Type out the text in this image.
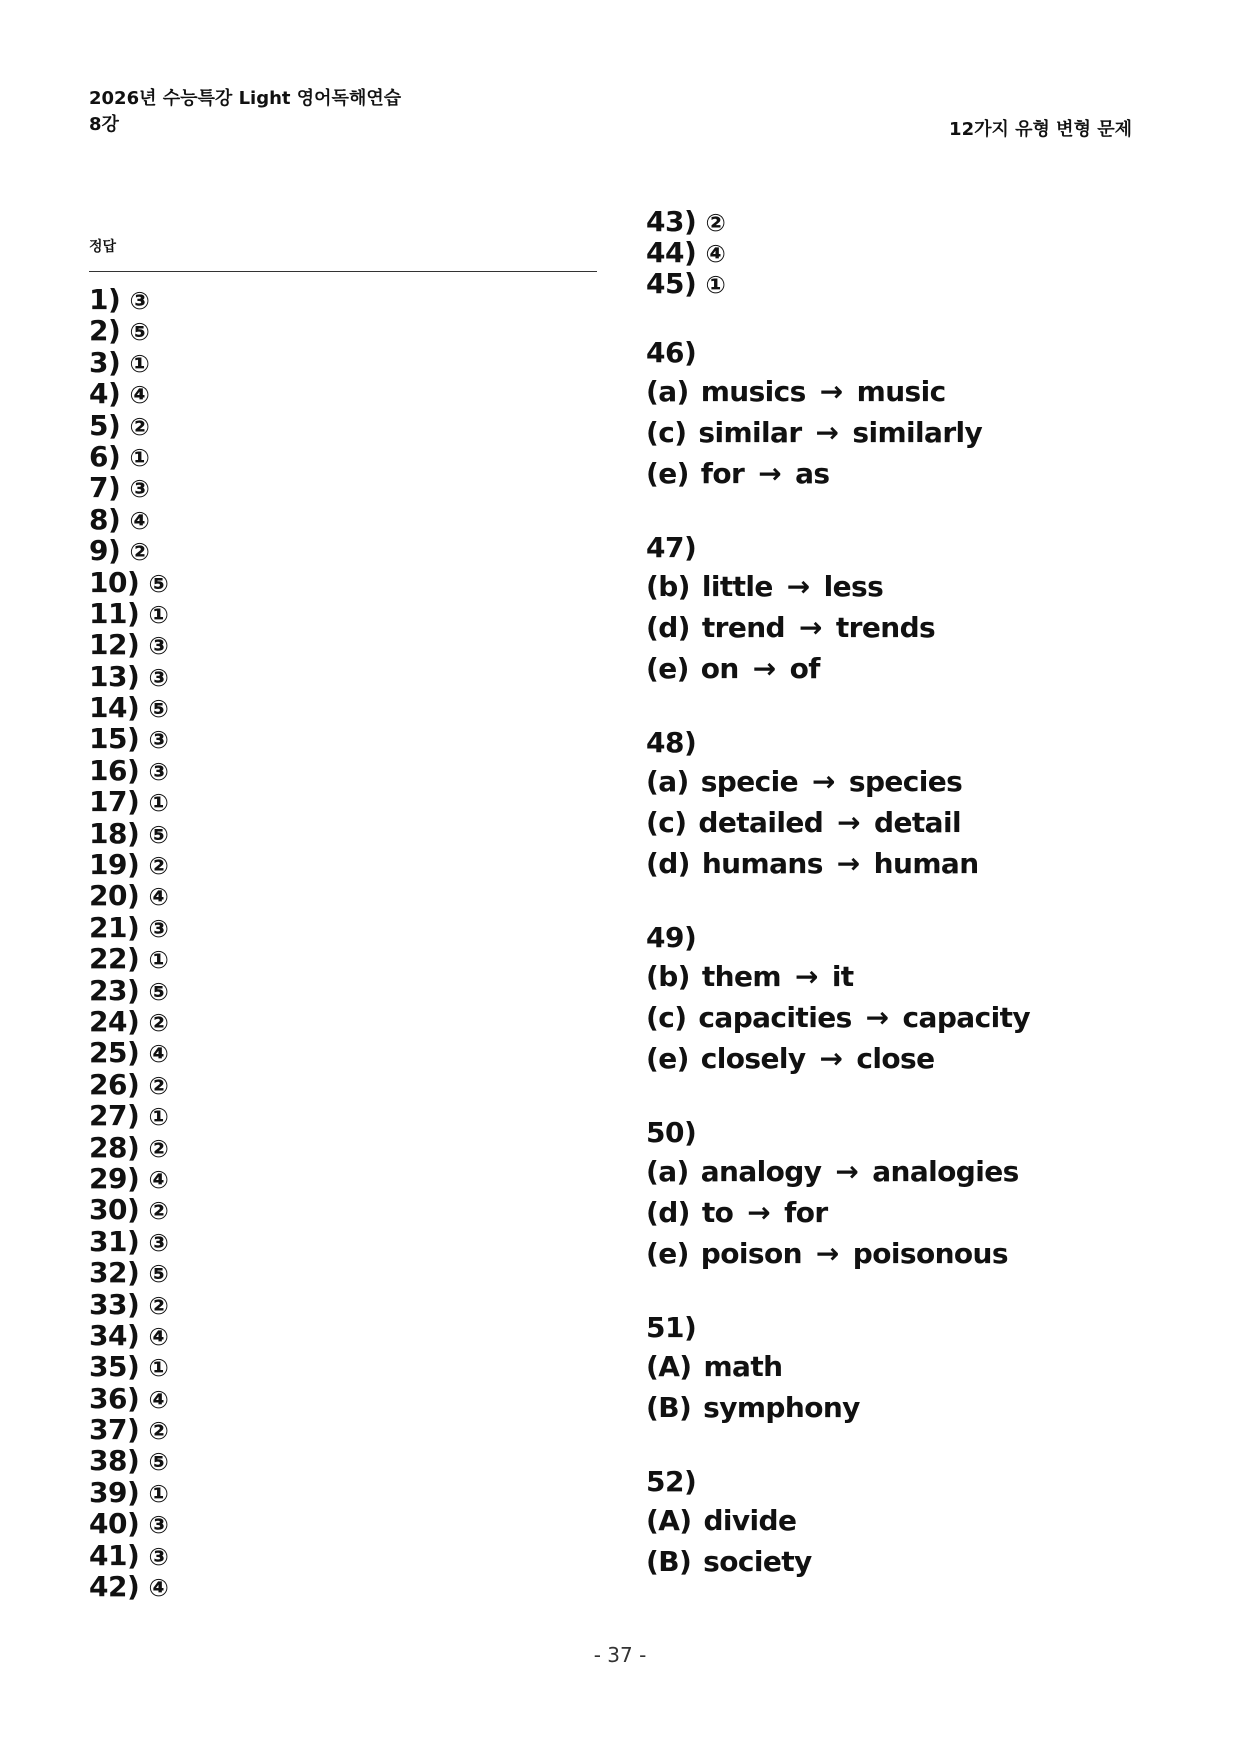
2026년 수능특강 Light 영어독해연습
8강	12가지 유형 변형 문제
정답
1) ③
2) ⑤
3) ①
4) ④
5) ②
6) ①
7) ③
8) ④
9) ②
10) ⑤
11) ①
12) ③
13) ③
14) ⑤
15) ③
16) ③
17) ①
18) ⑤
19) ②
20) ④
21) ③
22) ①
23) ⑤
24) ②
25) ④
26) ②
27) ①
28) ②
29) ④
30) ②
31) ③
32) ⑤
33) ②
34) ④
35) ①
36) ④
37) ②
38) ⑤
39) ①
40) ③
41) ③
42) ④
43) ②
44) ④
45) ①
46)
(a) musics → music
(c) similar → similarly
(e) for → as
47)
(b) little → less
(d) trend → trends
(e) on → of
48)
(a) specie → species
(c) detailed → detail
(d) humans → human
49)
(b) them → it
(c) capacities → capacity
(e) closely → close
50)
(a) analogy → analogies
(d) to → for
(e) poison → poisonous
51)
(A) math
(B) symphony
52)
(A) divide
(B) society
- 37 -
